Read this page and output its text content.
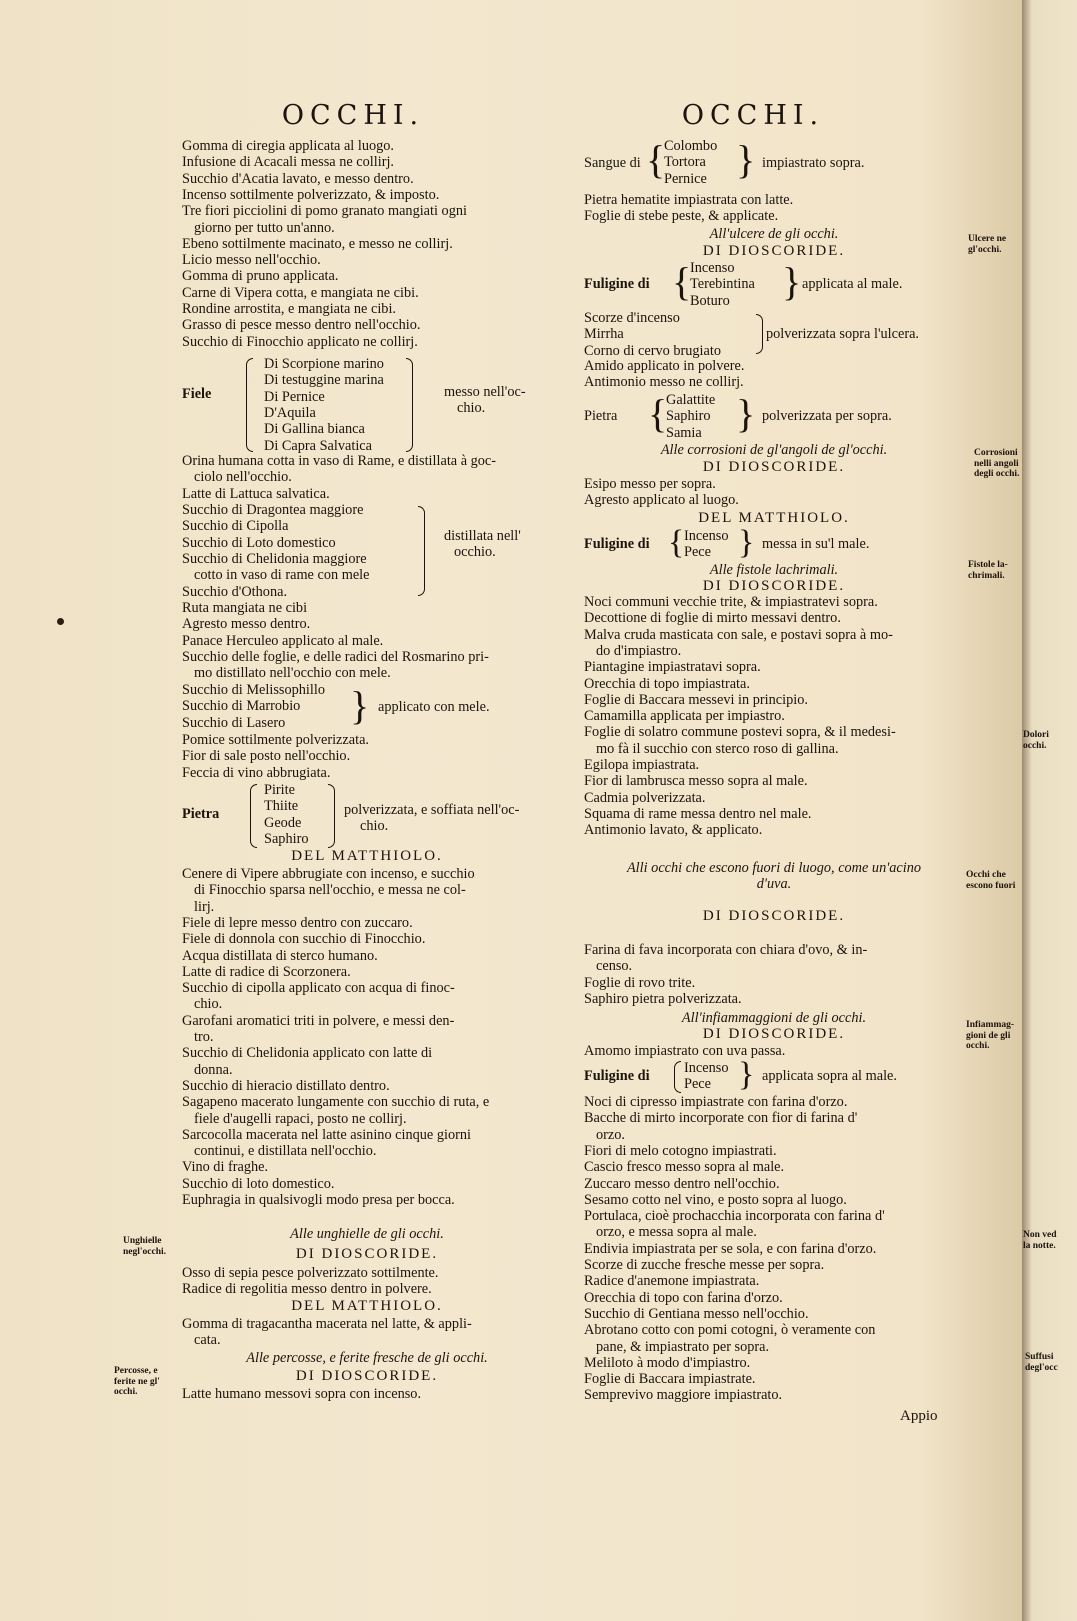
OCCHI.	OCCHI.
Gomma di ciregia applicata al luogo.
Infusione di Acacali messa ne collirj.
Succhio d'Acatia lavato, e messo dentro.
Incenso sottilmente polverizzato, & imposto.
Tre fiori picciolini di pomo granato mangiati ogni
giorno per tutto un'anno.
Ebeno sottilmente macinato, e messo ne collirj.
Licio messo nell'occhio.
Gomma di pruno applicata.
Carne di Vipera cotta, e mangiata ne cibi.
Rondine arrostita, e mangiata ne cibi.
Grasso di pesce messo dentro nell'occhio.
Succhio di Finocchio applicato ne collirj.
Fiele
Di Scorpione marino
Di testuggine marina
Di Pernice
D'Aquila
Di Gallina bianca
Di Capra Salvatica
messo nell'oc-
chio.
Orina humana cotta in vaso di Rame, e distillata à goc-
ciolo nell'occhio.
Latte di Lattuca salvatica.
Succhio di Dragontea maggiore
Succhio di Cipolla
Succhio di Loto domestico
Succhio di Chelidonia maggiore
cotto in vaso di rame con mele
Succhio d'Othona.
distillata nell'
occhio.
Ruta mangiata ne cibi
Agresto messo dentro.
Panace Herculeo applicato al male.
Succhio delle foglie, e delle radici del Rosmarino pri-
mo distillato nell'occhio con mele.
Succhio di Melissophillo
Succhio di Marrobio
Succhio di Lasero } applicato con mele.
Pomice sottilmente polverizzata.
Fior di sale posto nell'occhio.
Feccia di vino abbrugiata.
Pietra
Pirite
Thiite
Geode
Saphiro
polverizzata, e soffiata nell'oc-
chio.
DEL MATTHIOLO.
Cenere di Vipere abbrugiate con incenso, e succhio
di Finocchio sparsa nell'occhio, e messa ne col-
lirj.
Fiele di lepre messo dentro con zuccaro.
Fiele di donnola con succhio di Finocchio.
Acqua distillata di sterco humano.
Latte di radice di Scorzonera.
Succhio di cipolla applicato con acqua di finoc-
chio.
Garofani aromatici triti in polvere, e messi den-
tro.
Succhio di Chelidonia applicato con latte di
donna.
Succhio di hieracio distillato dentro.
Sagapeno macerato lungamente con succhio di ruta, e
fiele d'augelli rapaci, posto ne collirj.
Sarcocolla macerata nel latte asinino cinque giorni
continui, e distillata nell'occhio.
Vino di fraghe.
Succhio di loto domestico.
Euphragia in qualsivogli modo presa per bocca.
Alle unghielle de gli occhi.
DI DIOSCORIDE.
Osso di sepia pesce polverizzato sottilmente.
Radice di regolitia messo dentro in polvere.
DEL MATTHIOLO.
Gomma di tragacantha macerata nel latte, & appli-
cata.
Alle percosse, e ferite fresche de gli occhi.
DI DIOSCORIDE.
Latte humano messovi sopra con incenso.
Sangue di {
Colombo
Tortora
Pernice } impiastrato sopra.
Pietra hematite impiastrata con latte.
Foglie di stebe peste, & applicate.
All'ulcere de gli occhi.
DI DIOSCORIDE.
Fuligine di {
Incenso
Terebintina
Boturo } applicata al male.
Scorze d'incenso
Mirrha
Corno di cervo brugiato
polverizzata sopra l'ulcera.
Amido applicato in polvere.
Antimonio messo ne collirj.
Pietra {
Galattite
Saphiro
Samia } polverizzata per sopra.
Alle corrosioni de gl'angoli de gl'occhi.
DI DIOSCORIDE.
Esipo messo per sopra.
Agresto applicato al luogo.
DEL MATTHIOLO.
Fuligine di { Incenso
Pece } messa in su'l male.
Alle fistole lachrimali.
DI DIOSCORIDE.
Noci communi vecchie trite, & impiastratevi sopra.
Decottione di foglie di mirto messavi dentro.
Malva cruda masticata con sale, e postavi sopra à mo-
do d'impiastro.
Piantagine impiastratavi sopra.
Orecchia di topo impiastrata.
Foglie di Baccara messevi in principio.
Camamilla applicata per impiastro.
Foglie di solatro commune postevi sopra, & il medesi-
mo fà il succhio con sterco roso di gallina.
Egilopa impiastrata.
Fior di lambrusca messo sopra al male.
Cadmia polverizzata.
Squama di rame messa dentro nel male.
Antimonio lavato, & applicato.
Alli occhi che escono fuori di luogo, come un'acino
d'uva.
DI DIOSCORIDE.
Farina di fava incorporata con chiara d'ovo, & in-
censo.
Foglie di rovo trite.
Saphiro pietra polverizzata.
All'infiammaggioni de gli occhi.
DI DIOSCORIDE.
Amomo impiastrato con uva passa.
Fuligine di Incenso
Pece } applicata sopra al male.
Noci di cipresso impiastrate con farina d'orzo.
Bacche di mirto incorporate con fior di farina d'
orzo.
Fiori di melo cotogno impiastrati.
Cascio fresco messo sopra al male.
Zuccaro messo dentro nell'occhio.
Sesamo cotto nel vino, e posto sopra al luogo.
Portulaca, cioè prochacchia incorporata con farina d'
orzo, e messa sopra al male.
Endivia impiastrata per se sola, e con farina d'orzo.
Scorze di zucche fresche messe per sopra.
Radice d'anemone impiastrata.
Orecchia di topo con farina d'orzo.
Succhio di Gentiana messo nell'occhio.
Abrotano cotto con pomi cotogni, ò veramente con
pane, & impiastrato per sopra.
Meliloto à modo d'impiastro.
Foglie di Baccara impiastrate.
Semprevivo maggiore impiastrato.
Appio
Unghielle
negl'occhi.
Percosse, e
ferite ne gl'
occhi.
Ulcere ne
gl'occhi.
Corrosioni
nelli angoli
degli occhi.
Fistole la-
chrimali.
Occhi che
escono fuori
Infiammag-
gioni de gli
occhi.
Dolori
occhi.
Non ved
la notte.
Suffusi
degl'occ
